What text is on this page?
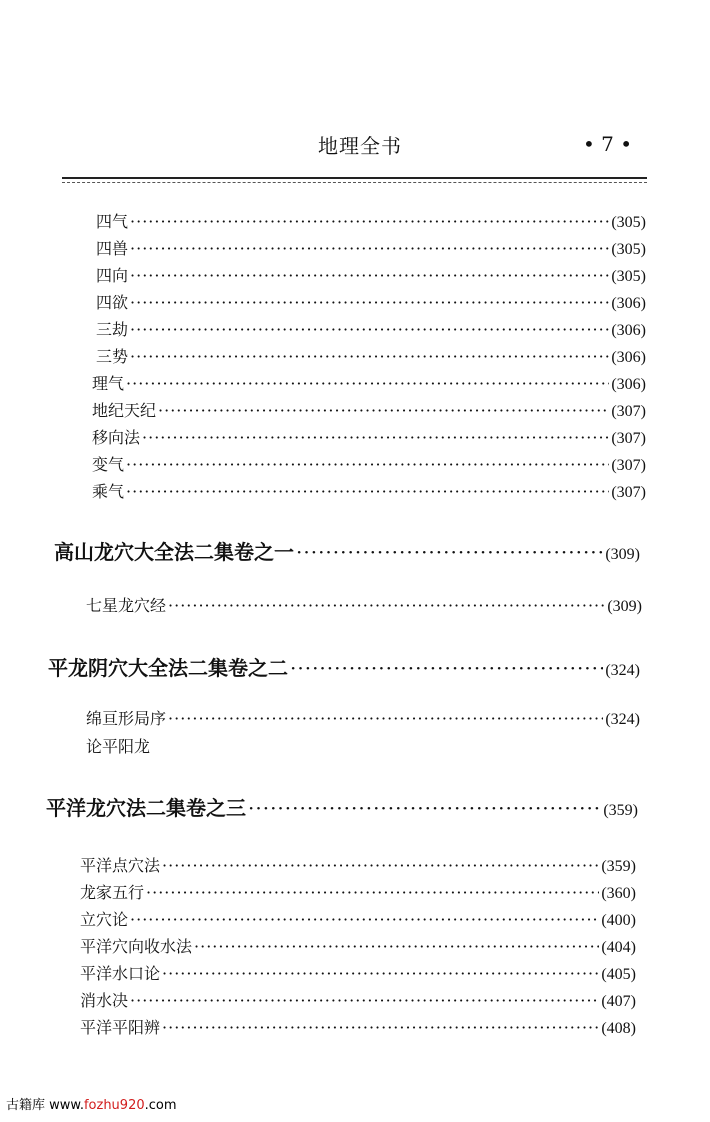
地理全书	• 7 •
四气 ·····	(305)
四兽 ·····	(305)
四向 ·····	(305)
四欲 ·····	(306)
三劫 ·····	(306)
三势 ·····	(306)
理气 ·····	(306)
地纪天纪 ·····	(307)
移向法 ·····	(307)
变气 ·····	(307)
乘气 ·····	(307)
高山龙穴大全法二集卷之一 ·····	(309)
七星龙穴经 ·····	(309)
平龙阴穴大全法二集卷之二 ·····	(324)
绵亘形局序 ·····	(324)
论平阳龙
平洋龙穴法二集卷之三 ·····	(359)
平洋点穴法 ·····	(359)
龙家五行 ·····	(360)
立穴论 ·····	(400)
平洋穴向收水法 ·····	(404)
平洋水口论 ·····	(405)
消水决 ·····	(407)
平洋平阳辨 ·····	(408)
古籍库 www.fozhu920.com
